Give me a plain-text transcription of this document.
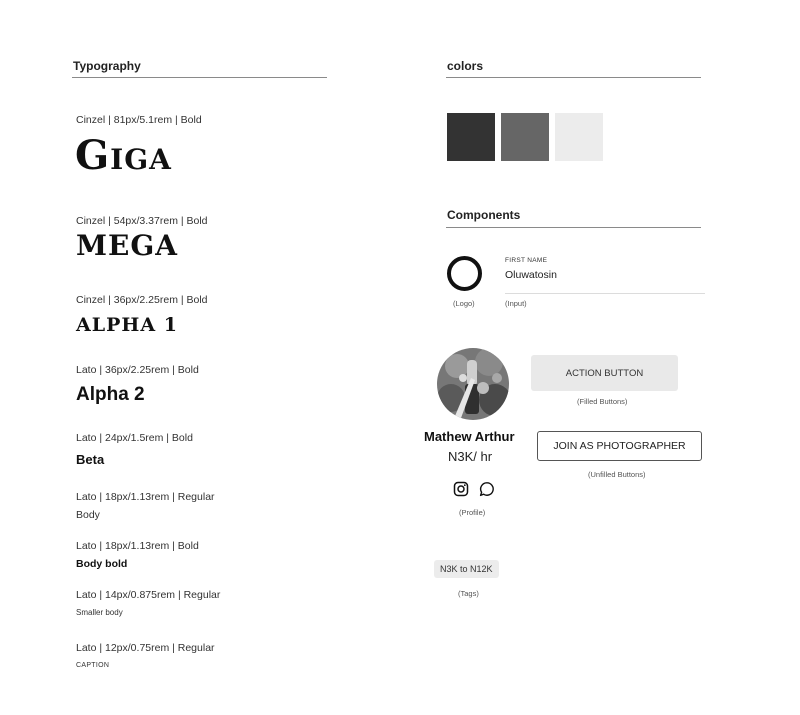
Typography
Cinzel | 81px/5.1rem | Bold
Giga
Cinzel | 54px/3.37rem | Bold
MEGA
Cinzel | 36px/2.25rem | Bold
ALPHA 1
Lato | 36px/2.25rem | Bold
Alpha 2
Lato | 24px/1.5rem | Bold
Beta
Lato | 18px/1.13rem | Regular
Body
Lato | 18px/1.13rem | Bold
Body bold
Lato | 14px/0.875rem | Regular
Smaller body
Lato | 12px/0.75rem | Regular
CAPTION
colors
Components
(Logo)
FIRST NAME
Oluwatosin
(Input)
Mathew Arthur
N3K/ hr
(Profile)
ACTION BUTTON
(Filled Buttons)
JOIN AS PHOTOGRAPHER
(Unfilled Buttons)
N3K to N12K
(Tags)
